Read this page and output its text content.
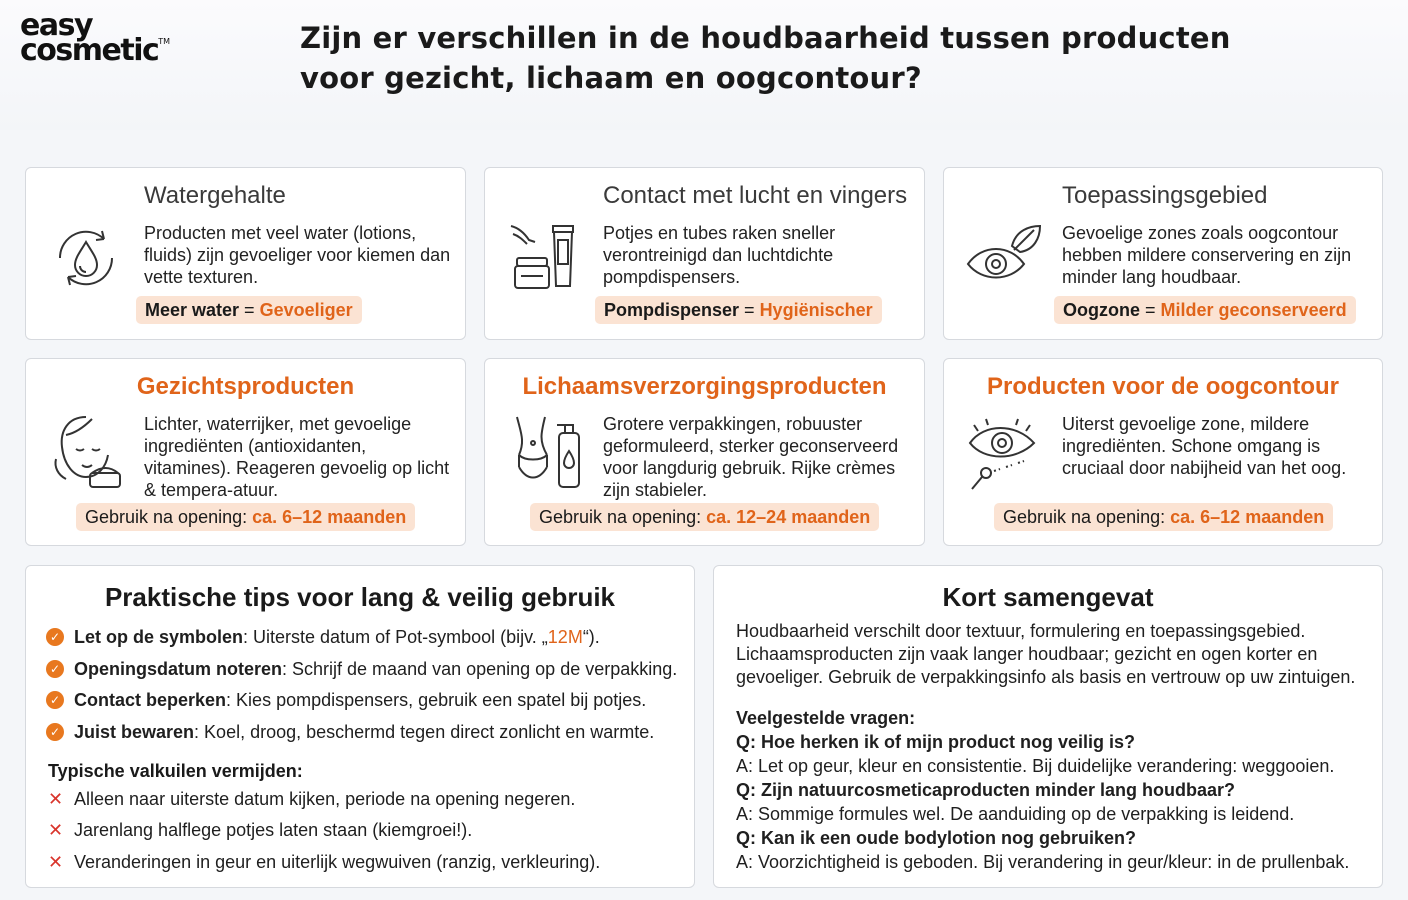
easy
cosmetic™	Zijn er verschillen in de houdbaarheid tussen producten
voor gezicht, lichaam en oogcontour?
Watergehalte

Producten met veel water (lotions, fluids) zijn gevoeliger voor kiemen dan vette texturen.

Meer water = Gevoeliger
Contact met lucht en vingers

Potjes en tubes raken sneller verontreinigd dan luchtdichte pompdispensers.

Pompdispenser = Hygiënischer
Toepassingsgebied

Gevoelige zones zoals oogcontour hebben mildere conservering en zijn minder lang houdbaar.

Oogzone = Milder geconserveerd
Gezichtsproducten

Lichter, waterrijker, met gevoelige ingrediënten (antioxidanten, vitamines). Reageren gevoelig op licht & tempera-atuur.

Gebruik na opening: ca. 6–12 maanden
Lichaamsverzorgingsproducten

Grotere verpakkingen, robuuster geformuleerd, sterker geconserveerd voor langdurig gebruik. Rijke crèmes zijn stabieler.

Gebruik na opening: ca. 12–24 maanden
Producten voor de oogcontour

Uiterst gevoelige zone, mildere ingrediënten. Schone omgang is cruciaal door nabijheid van het oog.

Gebruik na opening: ca. 6–12 maanden
Praktische tips voor lang & veilig gebruik
✓ Let op de symbolen: Uiterste datum of Pot-symbool (bijv. „12M“).
✓ Openingsdatum noteren: Schrijf de maand van opening op de verpakking.
✓ Contact beperken: Kies pompdispensers, gebruik een spatel bij potjes.
✓ Juist bewaren: Koel, droog, beschermd tegen direct zonlicht en warmte.

Typische valkuilen vermijden:

✕ Alleen naar uiterste datum kijken, periode na opening negeren.
✕ Jarenlang halflege potjes laten staan (kiemgroei!).
✕ Veranderingen in geur en uiterlijk wegwuiven (ranzig, verkleuring).
Kort samengevat

Houdbaarheid verschilt door textuur, formulering en toepassingsgebied. Lichaamsproducten zijn vaak langer houdbaar; gezicht en ogen korter en gevoeliger. Gebruik de verpakkingsinfo als basis en vertrouw op uw zintuigen.

Veelgestelde vragen:

Q: Hoe herken ik of mijn product nog veilig is?

A: Let op geur, kleur en consistentie. Bij duidelijke verandering: weggooien.

Q: Zijn natuurcosmeticaproducten minder lang houdbaar?

A: Sommige formules wel. De aanduiding op de verpakking is leidend.

Q: Kan ik een oude bodylotion nog gebruiken?

A: Voorzichtigheid is geboden. Bij verandering in geur/kleur: in de prullenbak.
